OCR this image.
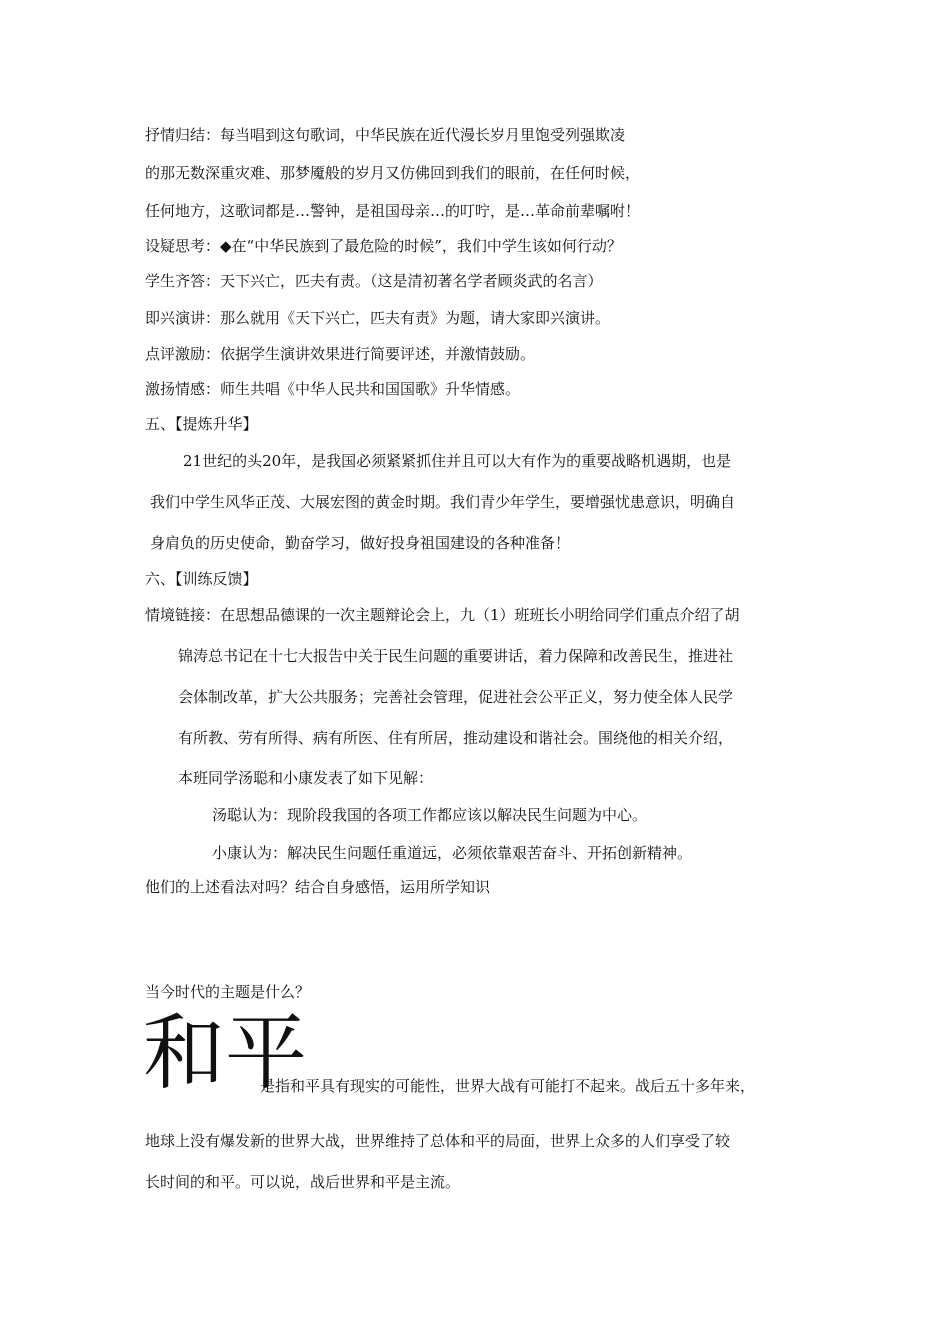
抒情归结：每当唱到这句歌词，中华民族在近代漫长岁月里饱受列强欺凌
的那无数深重灾难、那梦魇般的岁月又仿佛回到我们的眼前，在任何时候，
任何地方，这歌词都是…警钟，是祖国母亲…的叮咛，是…革命前辈嘱咐！
设疑思考：◆在“中华民族到了最危险的时候”，我们中学生该如何行动？
学生齐答：天下兴亡，匹夫有责。（这是清初著名学者顾炎武的名言）
即兴演讲：那么就用《天下兴亡，匹夫有责》为题，请大家即兴演讲。
点评激励：依据学生演讲效果进行简要评述，并激情鼓励。
激扬情感：师生共唱《中华人民共和国国歌》升华情感。
五、【提炼升华】
21世纪的头20年，是我国必须紧紧抓住并且可以大有作为的重要战略机遇期，也是
我们中学生风华正茂、大展宏图的黄金时期。我们青少年学生，要增强忧患意识，明确自
身肩负的历史使命，勤奋学习，做好投身祖国建设的各种准备！
六、【训练反馈】
情境链接：在思想品德课的一次主题辩论会上，九（1）班班长小明给同学们重点介绍了胡
锦涛总书记在十七大报告中关于民生问题的重要讲话，着力保障和改善民生，推进社
会体制改革，扩大公共服务；完善社会管理，促进社会公平正义，努力使全体人民学
有所教、劳有所得、病有所医、住有所居，推动建设和谐社会。围绕他的相关介绍，
本班同学汤聪和小康发表了如下见解：
汤聪认为：现阶段我国的各项工作都应该以解决民生问题为中心。
小康认为：解决民生问题任重道远，必须依靠艰苦奋斗、开拓创新精神。
他们的上述看法对吗？结合自身感悟，运用所学知识
当今时代的主题是什么？
和平
是指和平具有现实的可能性，世界大战有可能打不起来。战后五十多年来，
地球上没有爆发新的世界大战，世界维持了总体和平的局面，世界上众多的人们享受了较
长时间的和平。可以说，战后世界和平是主流。
